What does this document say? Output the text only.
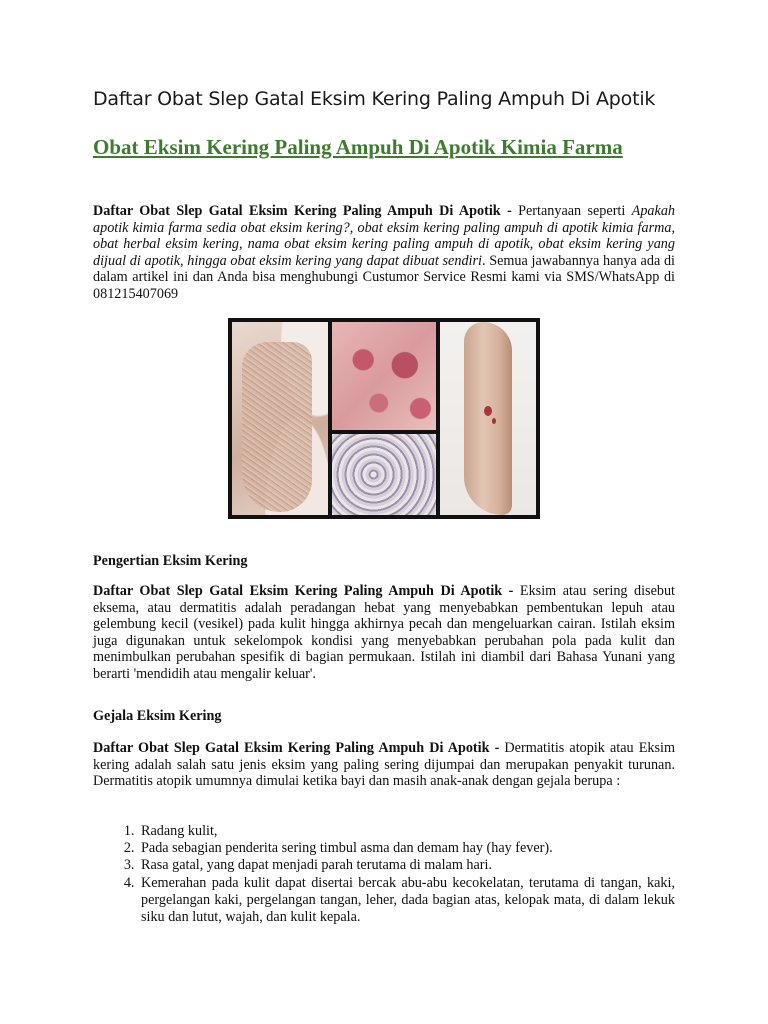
Daftar Obat Slep Gatal Eksim Kering Paling Ampuh Di Apotik
Obat Eksim Kering Paling Ampuh Di Apotik Kimia Farma
Daftar Obat Slep Gatal Eksim Kering Paling Ampuh Di Apotik - Pertanyaan seperti Apakah apotik kimia farma sedia obat eksim kering?, obat eksim kering paling ampuh di apotik kimia farma, obat herbal eksim kering, nama obat eksim kering paling ampuh di apotik, obat eksim kering yang dijual di apotik, hingga obat eksim kering yang dapat dibuat sendiri. Semua jawabannya hanya ada di dalam artikel ini dan Anda bisa menghubungi Custumor Service Resmi kami via SMS/WhatsApp di 081215407069
Pengertian Eksim Kering
Daftar Obat Slep Gatal Eksim Kering Paling Ampuh Di Apotik - Eksim atau sering disebut eksema, atau dermatitis adalah peradangan hebat yang menyebabkan pembentukan lepuh atau gelembung kecil (vesikel) pada kulit hingga akhirnya pecah dan mengeluarkan cairan. Istilah eksim juga digunakan untuk sekelompok kondisi yang menyebabkan perubahan pola pada kulit dan menimbulkan perubahan spesifik di bagian permukaan. Istilah ini diambil dari Bahasa Yunani yang berarti 'mendidih atau mengalir keluar'.
Gejala Eksim Kering
Daftar Obat Slep Gatal Eksim Kering Paling Ampuh Di Apotik - Dermatitis atopik atau Eksim kering adalah salah satu jenis eksim yang paling sering dijumpai dan merupakan penyakit turunan. Dermatitis atopik umumnya dimulai ketika bayi dan masih anak-anak dengan gejala berupa :
1. Radang kulit,
2. Pada sebagian penderita sering timbul asma dan demam hay (hay fever).
3. Rasa gatal, yang dapat menjadi parah terutama di malam hari.
4. Kemerahan pada kulit dapat disertai bercak abu-abu kecokelatan, terutama di tangan, kaki, pergelangan kaki, pergelangan tangan, leher, dada bagian atas, kelopak mata, di dalam lekuk siku dan lutut, wajah, dan kulit kepala.
